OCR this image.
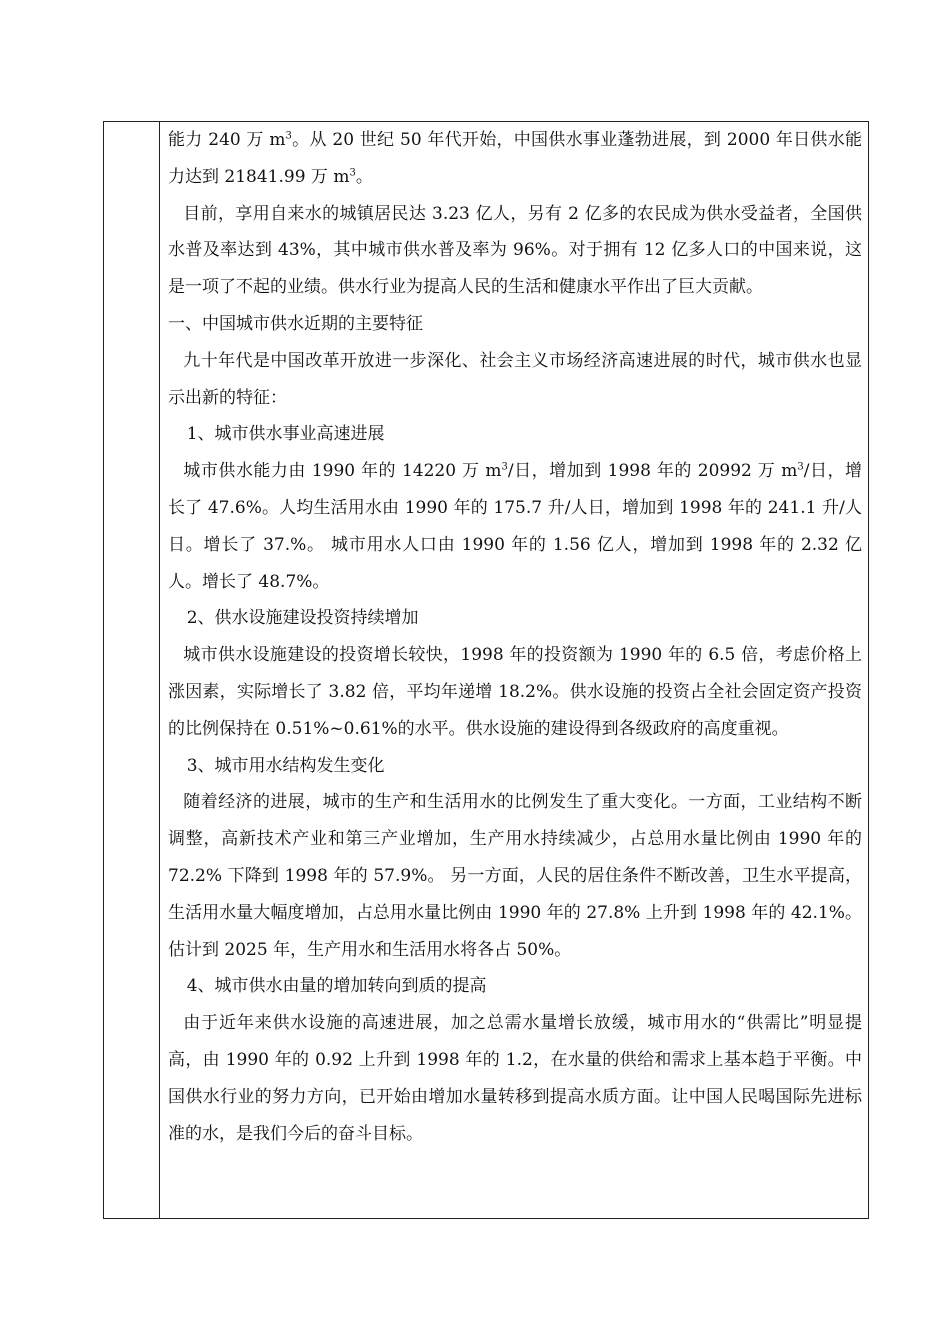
能力 240 万 $m^3$。从 20 世纪 50 年代开始，中国供水事业蓬勃进展，到 2000 年日供水能力达到 21841.99 万 $m^3$。

目前，享用自来水的城镇居民达 3.23 亿人，另有 2 亿多的农民成为供水受益者，全国供水普及率达到 43%，其中城市供水普及率为 96%。对于拥有 12 亿多人口的中国来说，这是一项了不起的业绩。供水行业为提高人民的生活和健康水平作出了巨大贡献。

一、中国城市供水近期的主要特征

九十年代是中国改革开放进一步深化、社会主义市场经济高速进展的时代，城市供水也显示出新的特征：

1、城市供水事业高速进展

城市供水能力由 1990 年的 14220 万 $m^3/$日，增加到 1998 年的 20992 万 $m^3/$日，增长了 47.6%。人均生活用水由 1990 年的 175.7 升/人日，增加到 1998 年的 241.1 升/人日。增长了 37.%。 城市用水人口由 1990 年的 1.56 亿人，增加到 1998 年的 2.32 亿人。增长了 48.7%。

2、供水设施建设投资持续增加

城市供水设施建设的投资增长较快，1998 年的投资额为 1990 年的 6.5 倍，考虑价格上涨因素，实际增长了 3.82 倍，平均年递增 18.2%。供水设施的投资占全社会固定资产投资的比例保持在 0.51%~0.61%的水平。供水设施的建设得到各级政府的高度重视。

3、城市用水结构发生变化

随着经济的进展，城市的生产和生活用水的比例发生了重大变化。一方面，工业结构不断调整，高新技术产业和第三产业增加，生产用水持续减少，占总用水量比例由 1990 年的 72.2% 下降到 1998 年的 57.9%。 另一方面，人民的居住条件不断改善，卫生水平提高，生活用水量大幅度增加，占总用水量比例由 1990 年的 27.8% 上升到 1998 年的 42.1%。估计到 2025 年，生产用水和生活用水将各占 50%。

4、城市供水由量的增加转向到质的提高

由于近年来供水设施的高速进展，加之总需水量增长放缓，城市用水的“供需比”明显提高，由 1990 年的 0.92 上升到 1998 年的 1.2，在水量的供给和需求上基本趋于平衡。中国供水行业的努力方向，已开始由增加水量转移到提高水质方面。让中国人民喝国际先进标准的水，是我们今后的奋斗目标。
